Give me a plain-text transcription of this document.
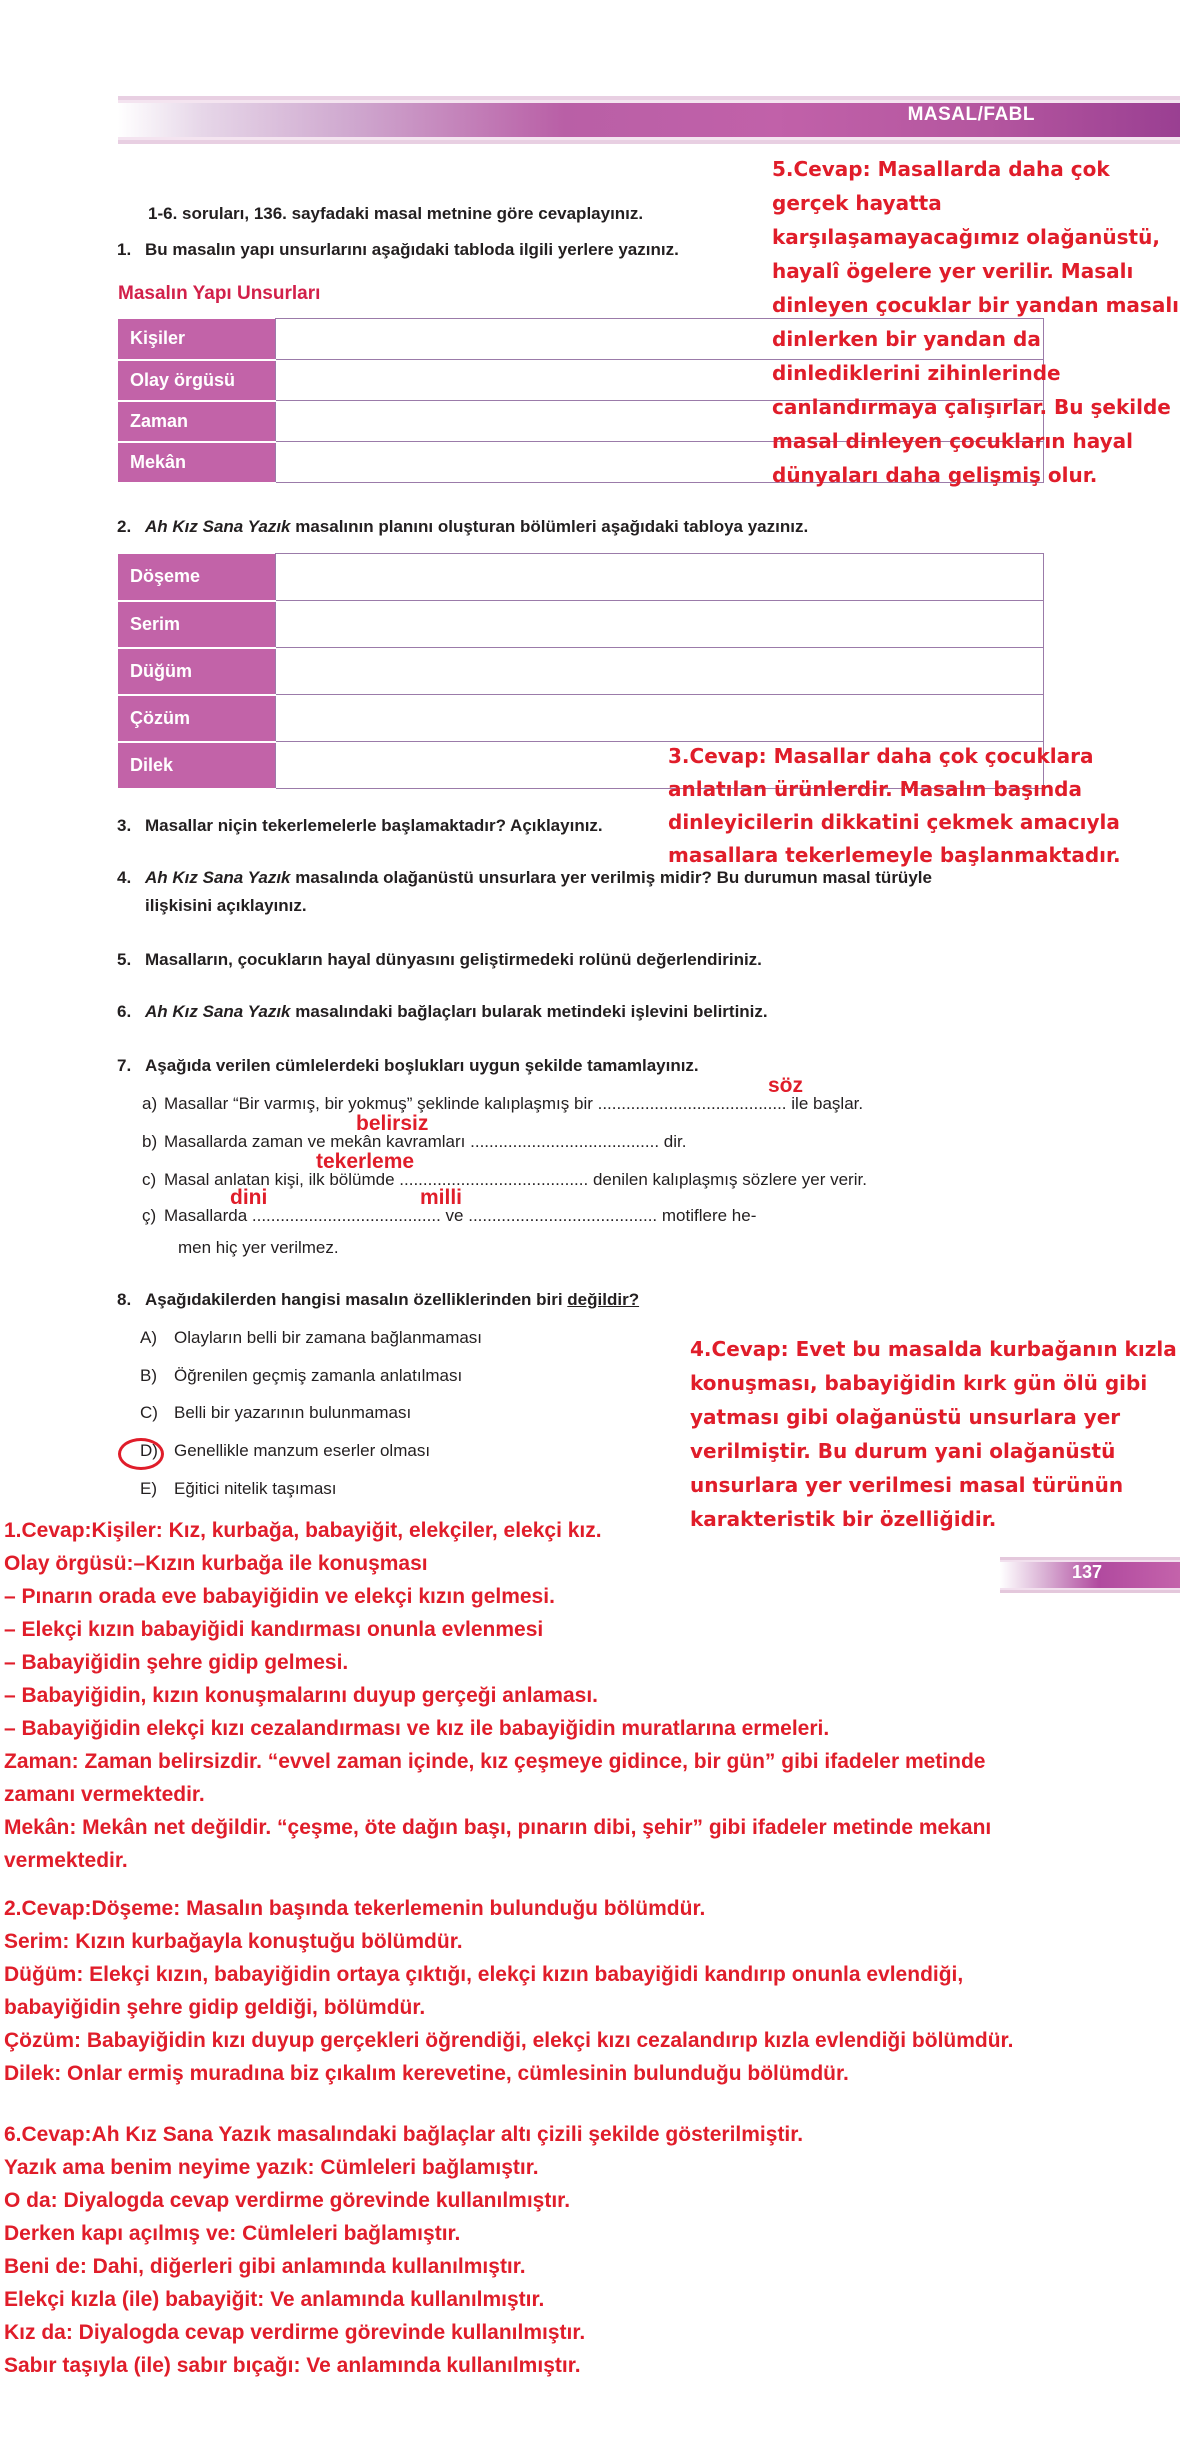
MASAL/FABL
1-6. soruları, 136. sayfadaki masal metnine göre cevaplayınız.
1. Bu masalın yapı unsurlarını aşağıdaki tabloda ilgili yerlere yazınız.
Masalın Yapı Unsurları
Kişiler	
Olay örgüsü	
Zaman	
Mekân	
2. Ah Kız Sana Yazık masalının planını oluşturan bölümleri aşağıdaki tabloya yazınız.
Döşeme	
Serim	
Düğüm	
Çözüm	
Dilek	
3. Masallar niçin tekerlemelerle başlamaktadır? Açıklayınız.
4. Ah Kız Sana Yazık masalında olağanüstü unsurlara yer verilmiş midir? Bu durumun masal türüyle
ilişkisini açıklayınız.
5. Masalların, çocukların hayal dünyasını geliştirmedeki rolünü değerlendiriniz.
6. Ah Kız Sana Yazık masalındaki bağlaçları bularak metindeki işlevini belirtiniz.
7. Aşağıda verilen cümlelerdeki boşlukları uygun şekilde tamamlayınız.
a) Masallar “Bir varmış, bir yokmuş” şeklinde kalıplaşmış bir ........................................ ile başlar.
söz
b) Masallarda zaman ve mekân kavramları ........................................ dir.
belirsiz
c) Masal anlatan kişi, ilk bölümde ........................................ denilen kalıplaşmış sözlere yer verir.
tekerleme
ç) Masallarda ........................................ ve ........................................ motiflere he-
men hiç yer verilmez.
dini	milli
8. Aşağıdakilerden hangisi masalın özelliklerinden biri değildir?
A) Olayların belli bir zamana bağlanmaması
B) Öğrenilen geçmiş zamanla anlatılması
C) Belli bir yazarının bulunmaması
D) Genellikle manzum eserler olması
E) Eğitici nitelik taşıması
5.Cevap: Masallarda daha çok
gerçek hayatta
karşılaşamayacağımız olağanüstü,
hayalî ögelere yer verilir. Masalı
dinleyen çocuklar bir yandan masalı
dinlerken bir yandan da
dinlediklerini zihinlerinde
canlandırmaya çalışırlar. Bu şekilde
masal dinleyen çocukların hayal
dünyaları daha gelişmiş olur.
3.Cevap: Masallar daha çok çocuklara
anlatılan ürünlerdir. Masalın başında
dinleyicilerin dikkatini çekmek amacıyla
masallara tekerlemeyle başlanmaktadır.
4.Cevap: Evet bu masalda kurbağanın kızla
konuşması, babayiğidin kırk gün ölü gibi
yatması gibi olağanüstü unsurlara yer
verilmiştir. Bu durum yani olağanüstü
unsurlara yer verilmesi masal türünün
karakteristik bir özelliğidir.
137
1.Cevap:Kişiler: Kız, kurbağa, babayiğit, elekçiler, elekçi kız.
Olay örgüsü:–Kızın kurbağa ile konuşması
– Pınarın orada eve babayiğidin ve elekçi kızın gelmesi.
– Elekçi kızın babayiğidi kandırması onunla evlenmesi
– Babayiğidin şehre gidip gelmesi.
– Babayiğidin, kızın konuşmalarını duyup gerçeği anlaması.
– Babayiğidin elekçi kızı cezalandırması ve kız ile babayiğidin muratlarına ermeleri.
Zaman: Zaman belirsizdir. “evvel zaman içinde, kız çeşmeye gidince, bir gün” gibi ifadeler metinde
zamanı vermektedir.
Mekân: Mekân net değildir. “çeşme, öte dağın başı, pınarın dibi, şehir” gibi ifadeler metinde mekanı
vermektedir.
2.Cevap:Döşeme: Masalın başında tekerlemenin bulunduğu bölümdür.
Serim: Kızın kurbağayla konuştuğu bölümdür.
Düğüm: Elekçi kızın, babayiğidin ortaya çıktığı, elekçi kızın babayiğidi kandırıp onunla evlendiği,
babayiğidin şehre gidip geldiği, bölümdür.
Çözüm: Babayiğidin kızı duyup gerçekleri öğrendiği, elekçi kızı cezalandırıp kızla evlendiği bölümdür.
Dilek: Onlar ermiş muradına biz çıkalım kerevetine, cümlesinin bulunduğu bölümdür.
6.Cevap:Ah Kız Sana Yazık masalındaki bağlaçlar altı çizili şekilde gösterilmiştir.
Yazık ama benim neyime yazık: Cümleleri bağlamıştır.
O da: Diyalogda cevap verdirme görevinde kullanılmıştır.
Derken kapı açılmış ve: Cümleleri bağlamıştır.
Beni de: Dahi, diğerleri gibi anlamında kullanılmıştır.
Elekçi kızla (ile) babayiğit: Ve anlamında kullanılmıştır.
Kız da: Diyalogda cevap verdirme görevinde kullanılmıştır.
Sabır taşıyla (ile) sabır bıçağı: Ve anlamında kullanılmıştır.
